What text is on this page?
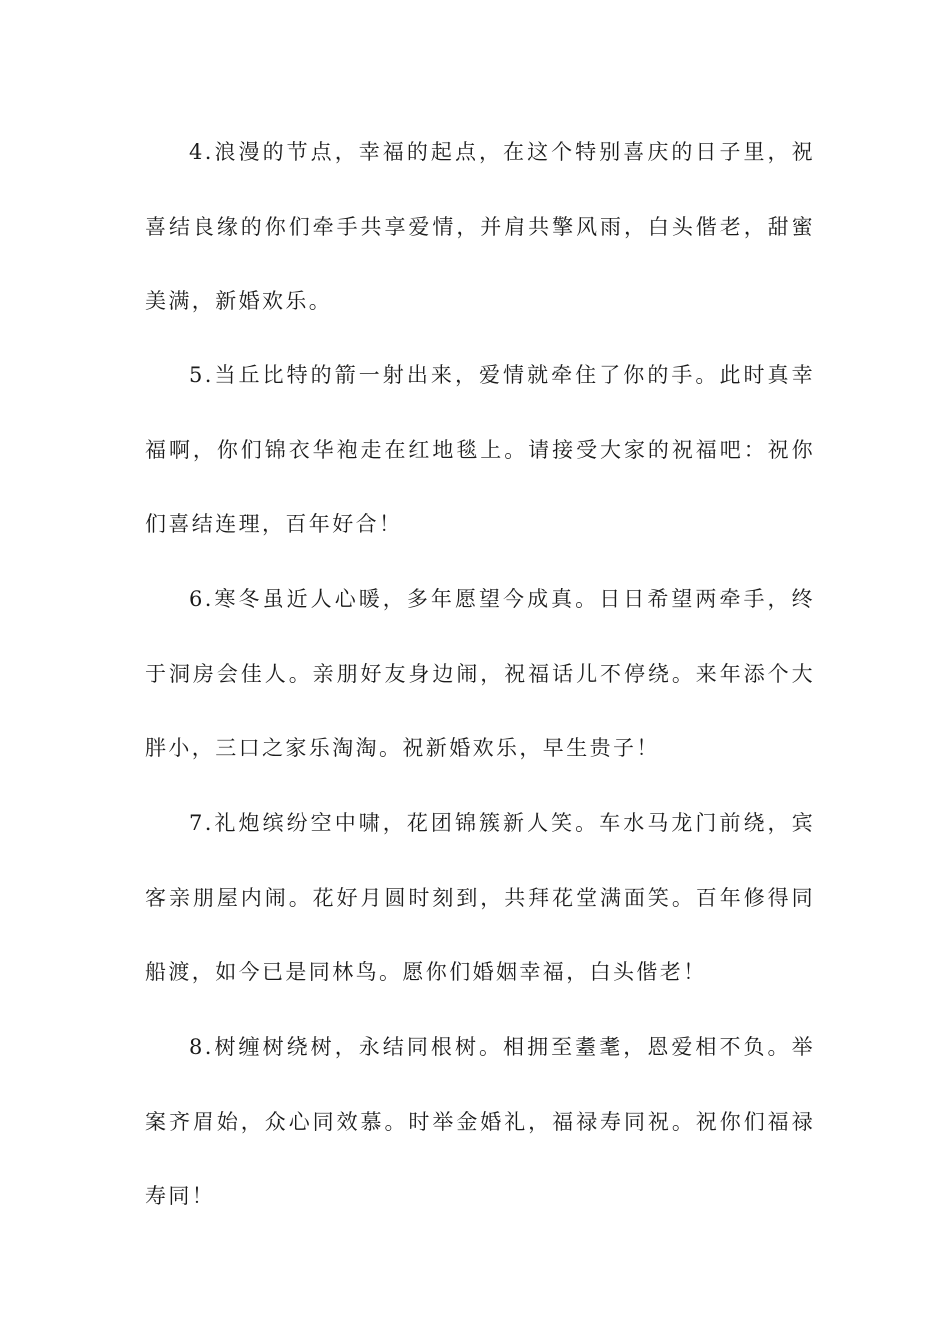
4.浪漫的节点，幸福的起点，在这个特别喜庆的日子里，祝喜结良缘的你们牵手共享爱情，并肩共擎风雨，白头偕老，甜蜜美满，新婚欢乐。

5.当丘比特的箭一射出来，爱情就牵住了你的手。此时真幸福啊，你们锦衣华袍走在红地毯上。请接受大家的祝福吧：祝你们喜结连理，百年好合！

6.寒冬虽近人心暖，多年愿望今成真。日日希望两牵手，终于洞房会佳人。亲朋好友身边闹，祝福话儿不停绕。来年添个大胖小，三口之家乐淘淘。祝新婚欢乐，早生贵子！

7.礼炮缤纷空中啸，花团锦簇新人笑。车水马龙门前绕，宾客亲朋屋内闹。花好月圆时刻到，共拜花堂满面笑。百年修得同船渡，如今已是同林鸟。愿你们婚姻幸福，白头偕老！

8.树缠树绕树，永结同根树。相拥至耋耄，恩爱相不负。举案齐眉始，众心同效慕。时举金婚礼，福禄寿同祝。祝你们福禄寿同！
